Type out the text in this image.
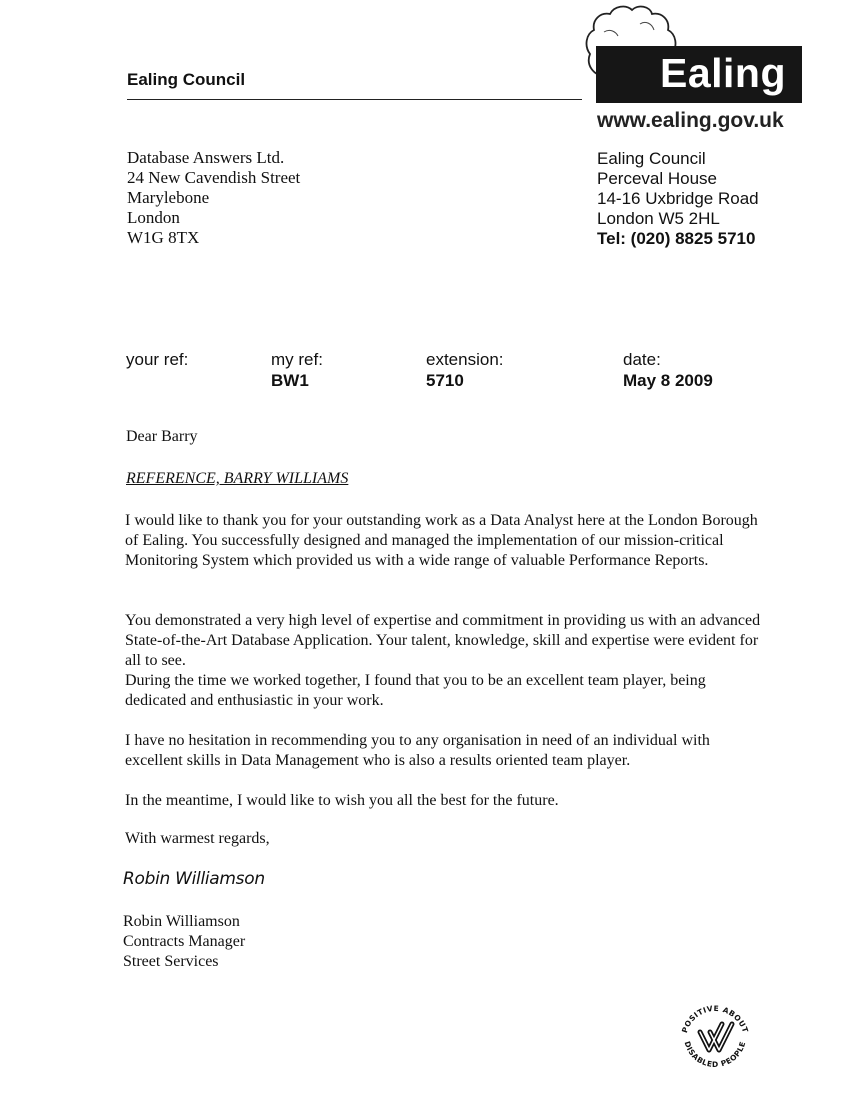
Ealing Council	Ealing
www.ealing.gov.uk
Database Answers Ltd.
24 New Cavendish Street
Marylebone
London
W1G 8TX
Ealing Council
Perceval House
14-16 Uxbridge Road
London W5 2HL
Tel: (020) 8825 5710
your ref:	my ref:
BW1
extension:
5710
date:
May 8 2009
Dear Barry
REFERENCE, BARRY WILLIAMS
I would like to thank you for your outstanding work as a Data Analyst here at the London Borough of Ealing. You successfully designed and managed the implementation of our mission-critical Monitoring System which provided us with a wide range of valuable Performance Reports.
You demonstrated a very high level of expertise and commitment in providing us with an advanced State-of-the-Art Database Application. Your talent, knowledge, skill and expertise were evident for all to see.
During the time we worked together, I found that you to be an excellent team player, being dedicated and enthusiastic in your work.
I have no hesitation in recommending you to any organisation in need of an individual with excellent skills in Data Management who is also a results oriented team player.
In the meantime, I would like to wish you all the best for the future.
With warmest regards,
Robin Williamson
Robin Williamson
Contracts Manager
Street Services
POSITIVE ABOUT
DISABLED PEOPLE
